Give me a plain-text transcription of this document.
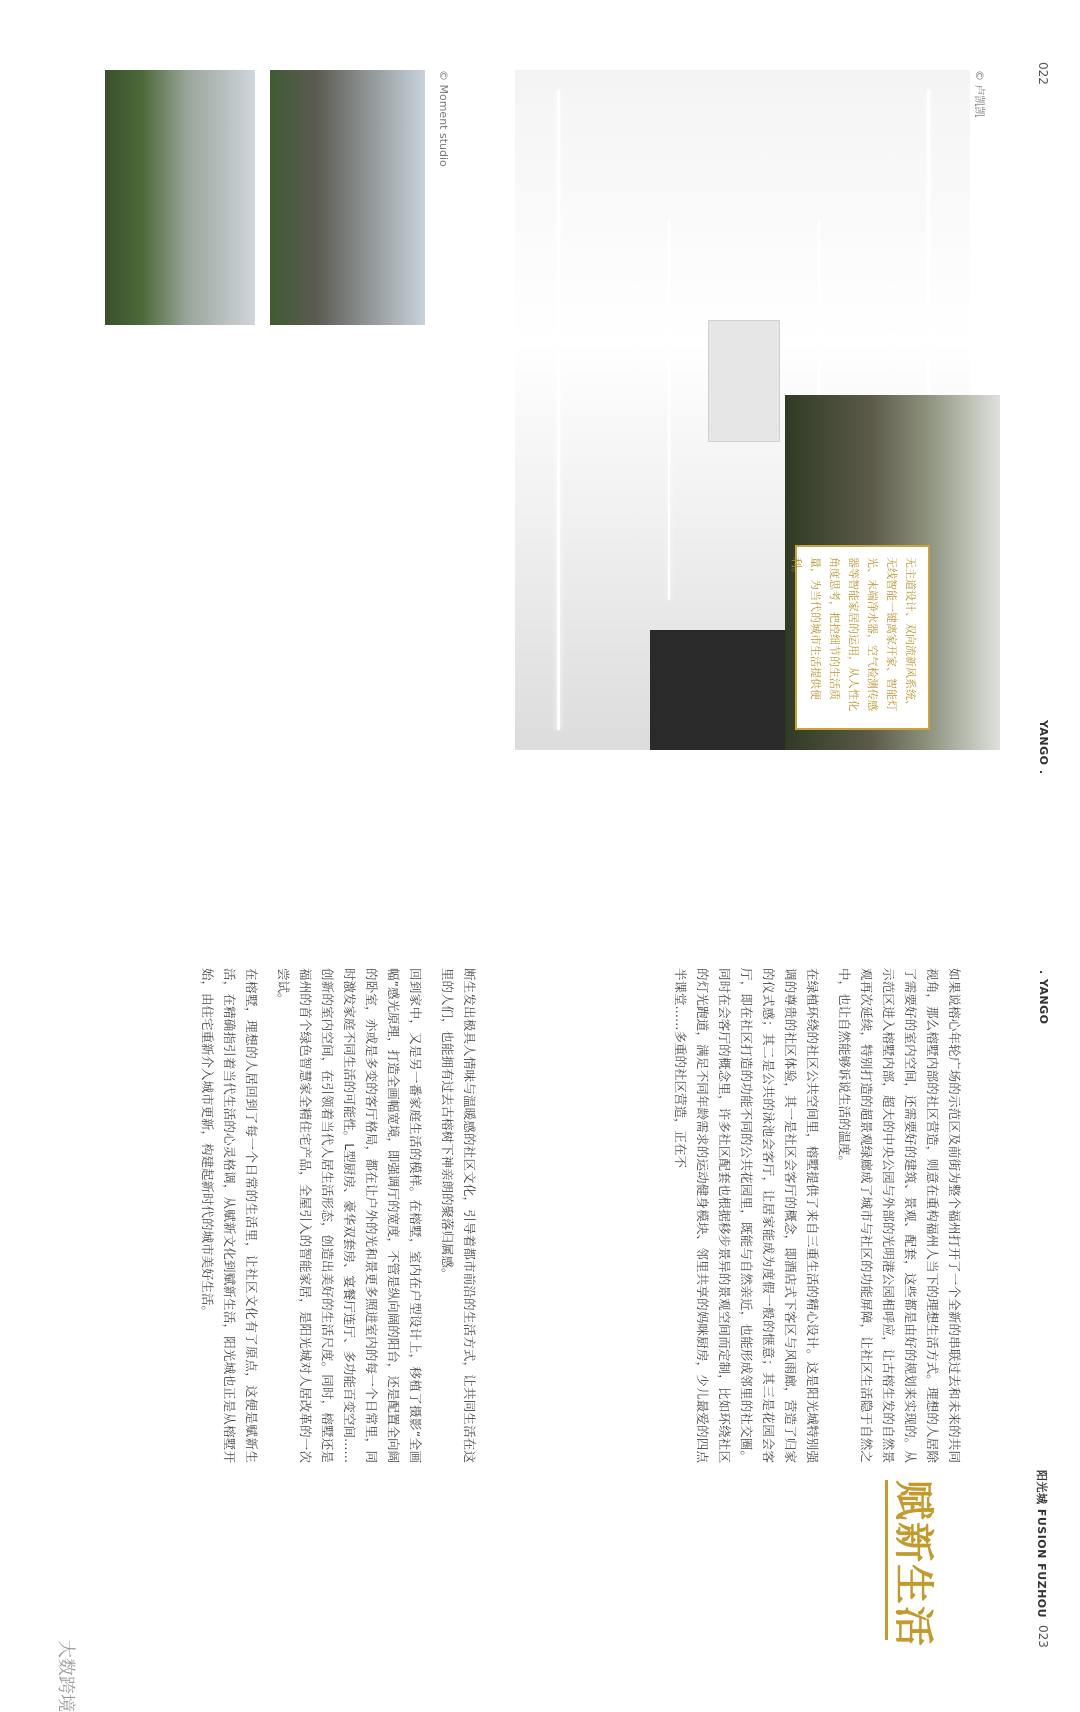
022
023
YANGO .
. YANGO
阳光城 FUSION FUZHOU
© 卢凯凯
© Moment studio
无主道设计、双向流新风系统、无线智能一键离家开家、智能灯光、末端净水器，空气检测传感器等智能家居的运用，从人性化角度思考，把控细节的生活质量，为当代的城市生活提供便利。
赋新生活

如果说榕心年轮广场的示范区及前街为整个福州打开了一个全新的串联过去和未来的共同视角，那么榕墅内部的社区营造，则意在重构福州人当下的理想生活方式。理想的人居除了需要好的室内空间，还需要好的建筑、景观、配套，这些都是由好的规划来实现的。从示范区进入榕墅内部，超大的中央公园与外部的光明港公园相呼应，让古榕生发的自然景观再次延续，特别打造的超景观绿廊成了城市与社区的功能屏障，让社区生活隐于自然之中，也让自然能够诉说生活的温度。

在绿植环绕的社区公共空间里，榕墅提供了来自三重生活的精心设计。这是阳光城特别强调的尊贵的社区体验，其一是社区会客厅的概念，即酒店式下客区与风雨廊，营造了归家的仪式感；其二是公共的泳池会客厅，让居家能成为度假一般的惬意；其三是花园会客厅，即在社区打造的功能不同的公共花园里，既能与自然亲近，也能形成邻里的社交圈。同时在会客厅的概念里，许多社区配套也根据移步景异的景观空间而定制，比如环绕社区的灯光跑道，满足不同年龄需求的运动健身模块、邻里共享的妈咪厨房，少儿最爱的四点半课堂……多重的社区营造，正在不

断生发出极具人情味与温暖感的社区文化，引导着都市前沿的生活方式，让共同生活在这里的人们，也能拥有过去古榕树下神亲朗的聚落归属感。

回到家中，又是另一番家庭生活的模样。在榕墅，室内在户型设计上，移植了摄影“全画幅”感光原理，打造全画幅宽境，即强调厅的宽度，不管是纵向阔的阳台，还是配置全向阔的卧室，亦或是多变的客厅格局，都在让户外的光和景更多照进室内的每一个日常里，同时激发家庭不同生活的可能性。L型厨房、豪华双套房、宴餐厅连厅、多功能百变空间……创新的室内空间，在引领着当代人居生活形态，创造出美好的生活尺度。同时，榕墅还是福州的首个绿色智慧家全精住宅产品，全屋引入的智能家居，是阳光城对人居改革的一次尝试。

在榕墅，理想的人居回到了每一个日常的生活里，让社区文化有了原点，这便是赋新生活，在精确指引着当代生活的心灵格调，从赋新文化到赋新生活，阳光城也正是从榕墅开始，由住宅重新介入城市更新，构建起新时代的城市美好生活。

大数跨境
